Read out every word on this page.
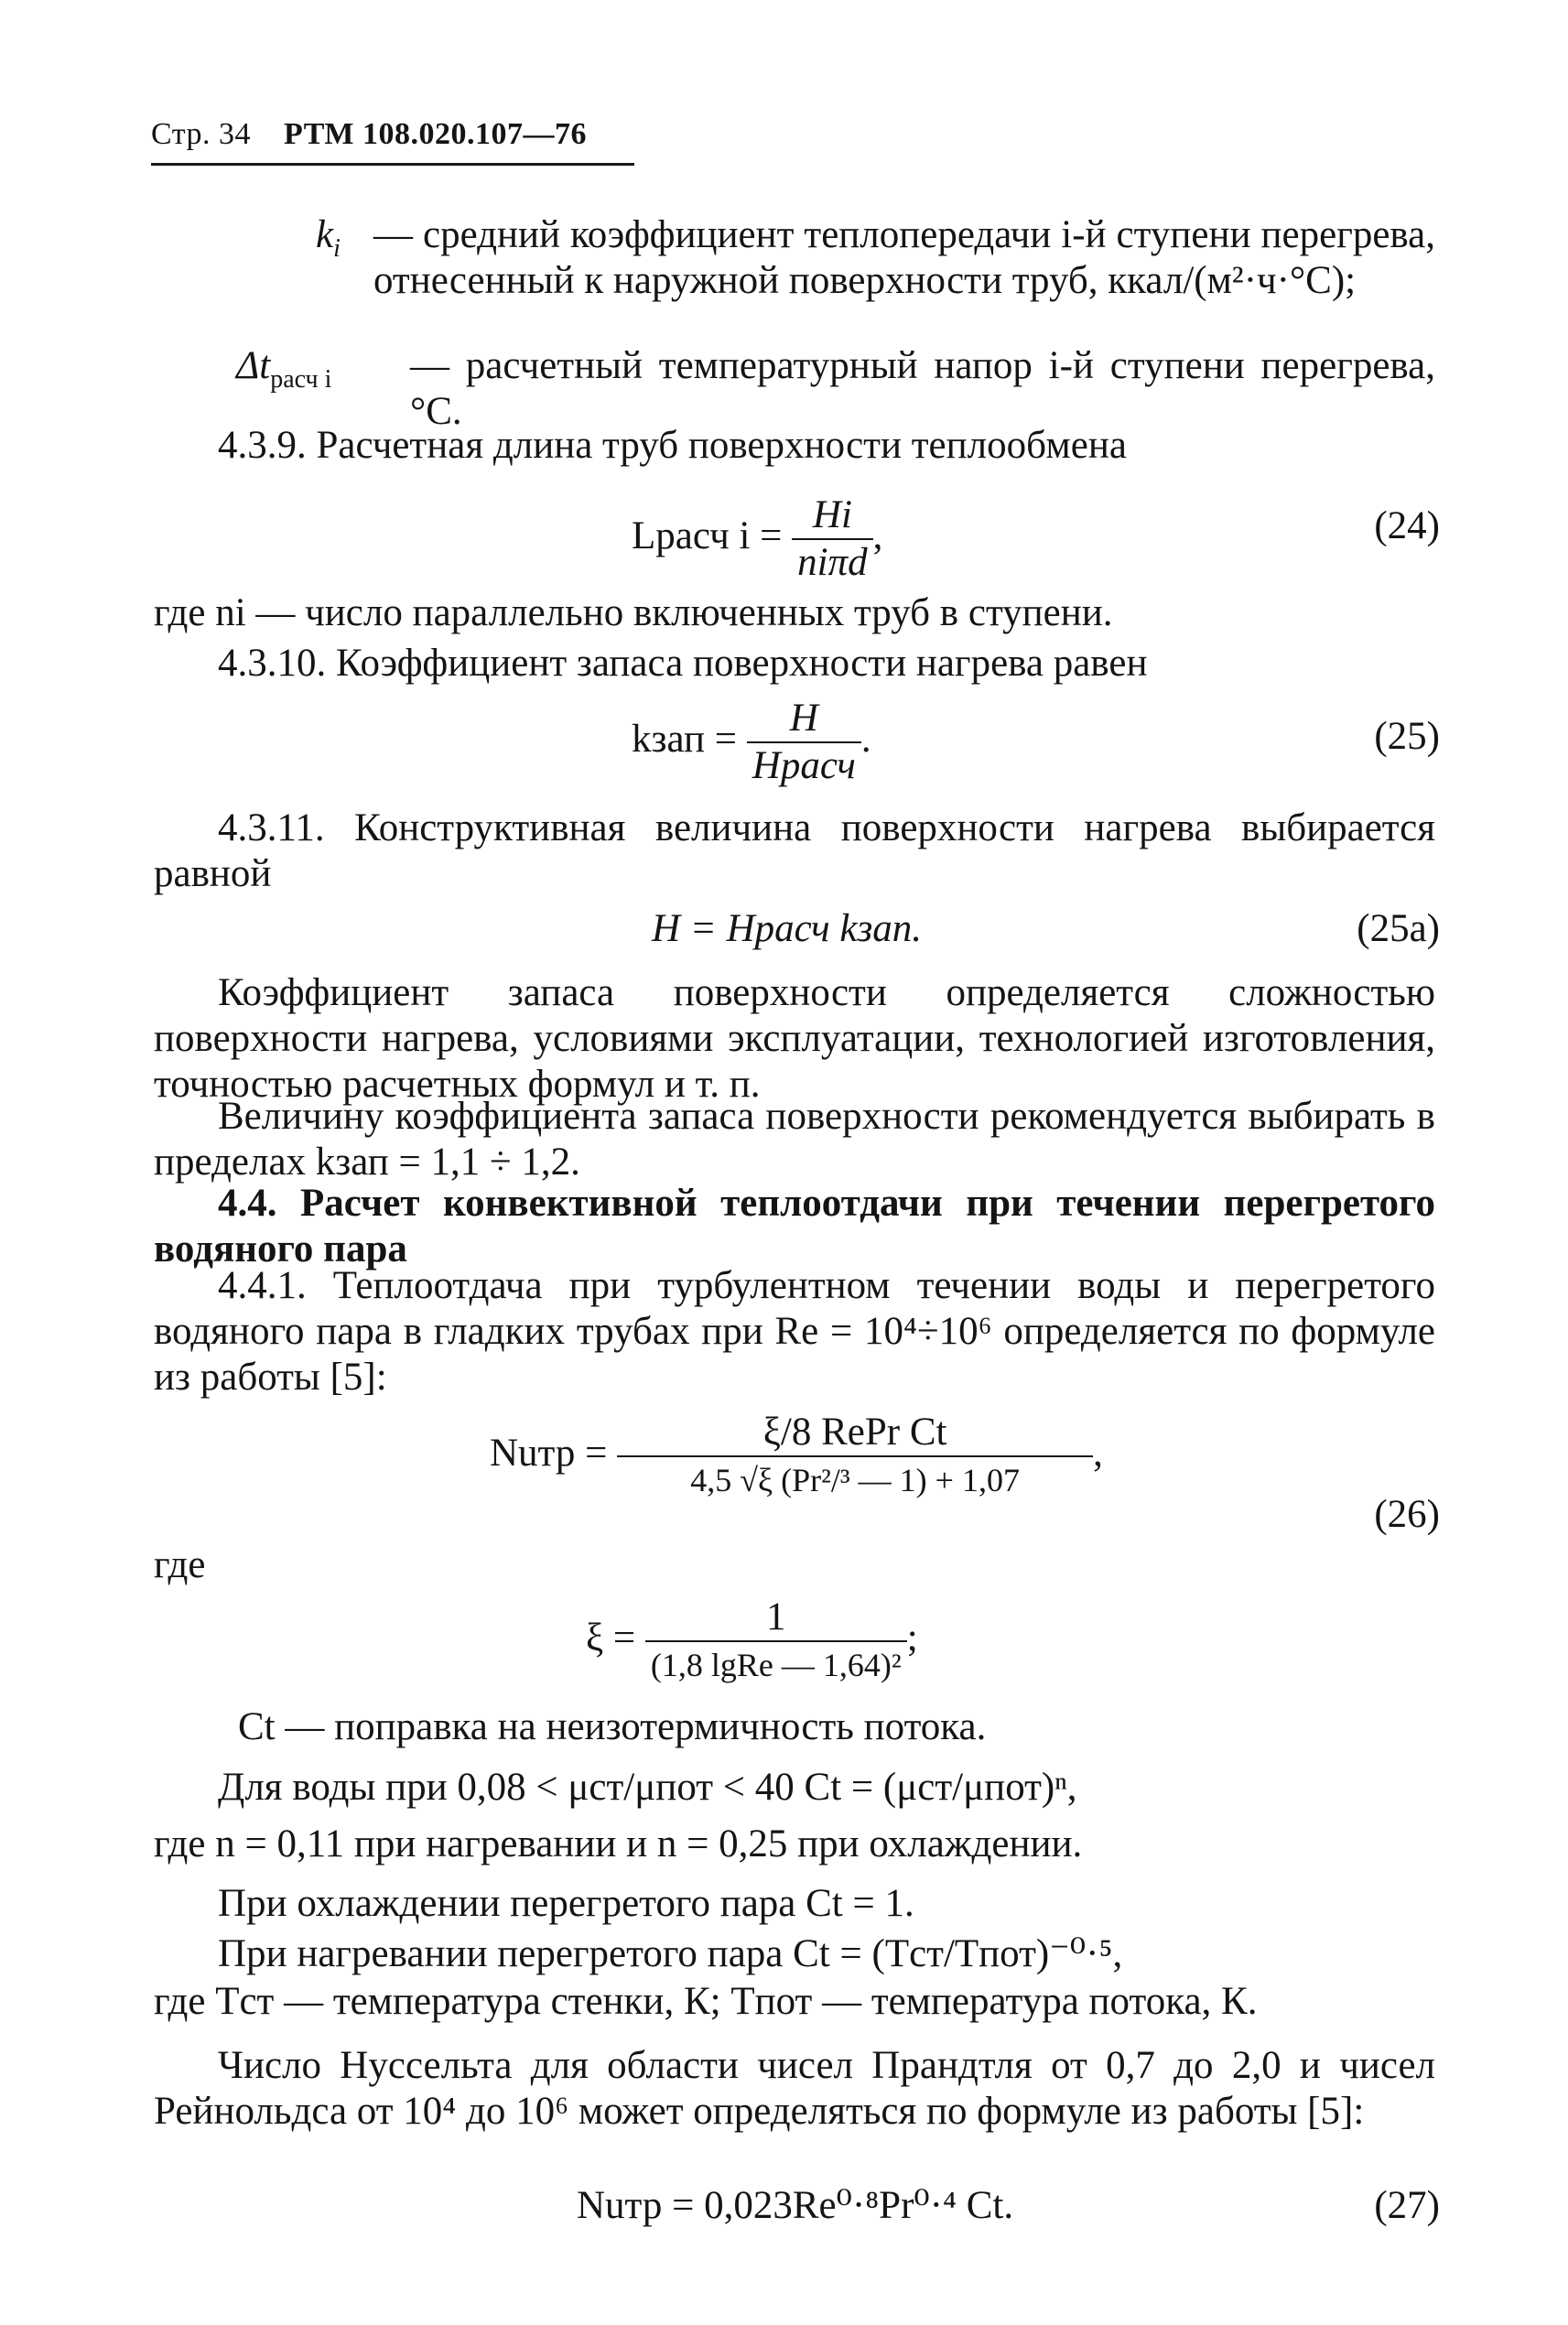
Стр. 34 РТМ 108.020.107—76
$k_i$ — средний коэффициент теплопередачи i-й ступени перегрева, отнесенный к наружной поверхности труб, ккал/(м²·ч·°С);
$\Delta t_{расч i}$ — расчетный температурный напор i-й ступени перегрева, °С.
4.3.9. Расчетная длина труб поверхности теплообмена
Lрасч $i = \frac{Hi}{\text{niπd}}$ ,	(24)
где ni — число параллельно включенных труб в ступени.
4.3.10. Коэффициент запаса поверхности нагрева равен
kзап = $\frac{H}{\text{Hрасч}}$ .	(25)
4.3.11. Конструктивная величина поверхности нагрева выбирается равной
H = Hрасч kзап.	(25a)
Коэффициент запаса поверхности определяется сложностью поверхности нагрева, условиями эксплуатации, технологией изготовления, точностью расчетных формул и т. п.
Величину коэффициента запаса поверхности рекомендуется выбирать в пределах kзап = 1,1 ÷ 1,2.
4.4. Расчет конвективной теплоотдачи при течении перегретого водяного пара
4.4.1. Теплоотдача при турбулентном течении воды и перегретого водяного пара в гладких трубах при Re = 10⁴÷10⁶ определяется по формуле из работы [5]:
Nuтр = $\frac{\text{ξ/8 RePr Ct}}{\text{4,5 √ξ (Pr²/³ — 1) + 1,07}}$ ,
(26)
где
$\xi = \frac{1}{\text{(1,8 lgRe — 1,64)²}}$ ;
Ct — поправка на неизотермичность потока.
Для воды при 0,08 < μст/μпот < 40 Ct = (μст/μпот)ⁿ,
где n = 0,11 при нагревании и n = 0,25 при охлаждении.
При охлаждении перегретого пара Ct = 1.
При нагревании перегретого пара Ct = (Tст/Tпот)⁻⁰·⁵,
где Tст — температура стенки, К; Tпот — температура потока, К.
Число Нуссельта для области чисел Прандтля от 0,7 до 2,0 и чисел Рейнольдса от 10⁴ до 10⁶ может определяться по формуле из работы [5]:
Nuтр = 0,023Re⁰·⁸Pr⁰·⁴ Ct.	(27)
